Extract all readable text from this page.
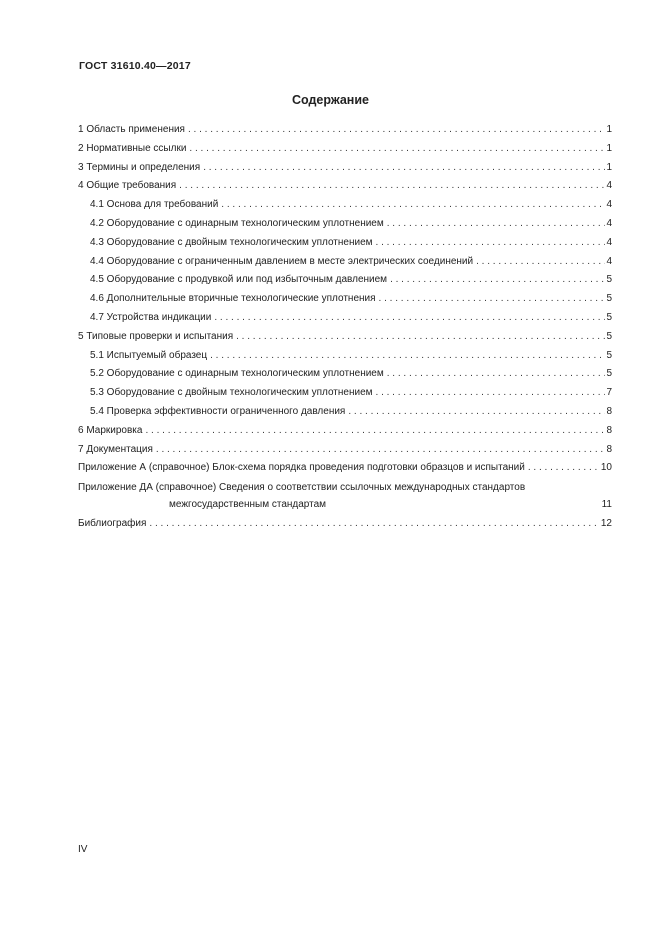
ГОСТ 31610.40—2017
Содержание
1 Область применения . . .	1
2 Нормативные ссылки . . .	1
3 Термины и определения . . .	1
4 Общие требования . . .	4
4.1 Основа для требований . . .	4
4.2 Оборудование с одинарным технологическим уплотнением . . .	4
4.3 Оборудование с двойным технологическим уплотнением . . .	4
4.4 Оборудование с ограниченным давлением в месте электрических соединений . . .	4
4.5 Оборудование с продувкой или под избыточным давлением . . .	5
4.6 Дополнительные вторичные технологические уплотнения . . .	5
4.7 Устройства индикации . . .	5
5 Типовые проверки и испытания . . .	5
5.1 Испытуемый образец . . .	5
5.2 Оборудование с одинарным технологическим уплотнением . . .	5
5.3 Оборудование с двойным технологическим уплотнением . . .	7
5.4 Проверка эффективности ограниченного давления . . .	8
6 Маркировка . . .	8
7 Документация . . .	8
Приложение А (справочное) Блок-схема порядка проведения подготовки образцов и испытаний . . .	10
Приложение ДА (справочное) Сведения о соответствии ссылочных международных стандартов
межгосударственным стандартам	11
Библиография . . .	12
IV
